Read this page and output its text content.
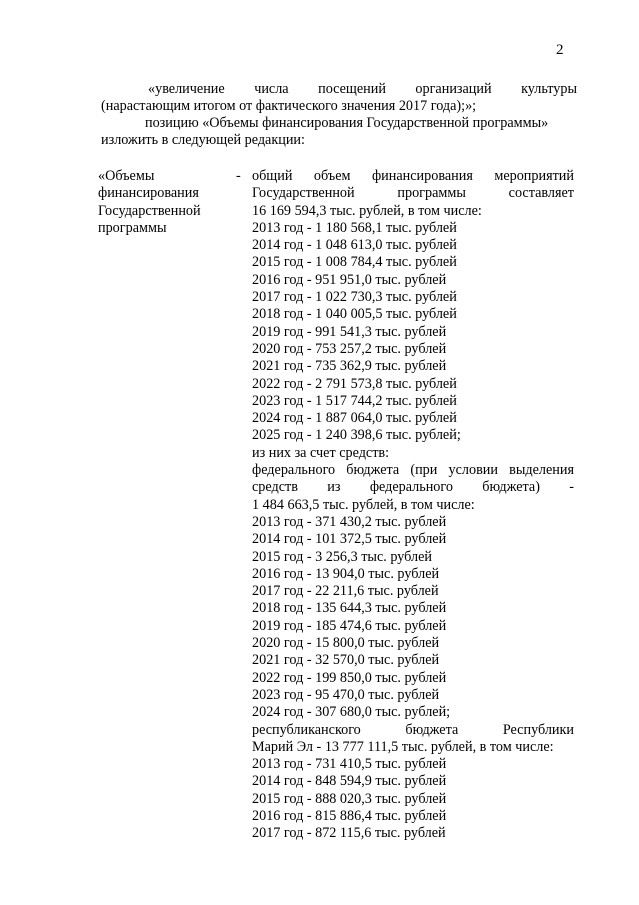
2
«увеличение числа посещений организаций культуры
(нарастающим итогом от фактического значения 2017 года);»;
позицию «Объемы финансирования Государственной программы»
изложить в следующей редакции:
«Объемы
финансирования
Государственной
программы
- общий объем финансирования мероприятий
Государственной программы составляет
16 169 594,3 тыс. рублей, в том числе:
2013 год - 1 180 568,1 тыс. рублей
2014 год - 1 048 613,0 тыс. рублей
2015 год - 1 008 784,4 тыс. рублей
2016 год - 951 951,0 тыс. рублей
2017 год - 1 022 730,3 тыс. рублей
2018 год - 1 040 005,5 тыс. рублей
2019 год - 991 541,3 тыс. рублей
2020 год - 753 257,2 тыс. рублей
2021 год - 735 362,9 тыс. рублей
2022 год - 2 791 573,8 тыс. рублей
2023 год - 1 517 744,2 тыс. рублей
2024 год - 1 887 064,0 тыс. рублей
2025 год - 1 240 398,6 тыс. рублей;
из них за счет средств:
федерального бюджета (при условии выделения
средств из федерального бюджета) -
1 484 663,5 тыс. рублей, в том числе:
2013 год - 371 430,2 тыс. рублей
2014 год - 101 372,5 тыс. рублей
2015 год - 3 256,3 тыс. рублей
2016 год - 13 904,0 тыс. рублей
2017 год - 22 211,6 тыс. рублей
2018 год - 135 644,3 тыс. рублей
2019 год - 185 474,6 тыс. рублей
2020 год - 15 800,0 тыс. рублей
2021 год - 32 570,0 тыс. рублей
2022 год - 199 850,0 тыс. рублей
2023 год - 95 470,0 тыс. рублей
2024 год - 307 680,0 тыс. рублей;
республиканского бюджета Республики
Марий Эл - 13 777 111,5 тыс. рублей, в том числе:
2013 год - 731 410,5 тыс. рублей
2014 год - 848 594,9 тыс. рублей
2015 год - 888 020,3 тыс. рублей
2016 год - 815 886,4 тыс. рублей
2017 год - 872 115,6 тыс. рублей
